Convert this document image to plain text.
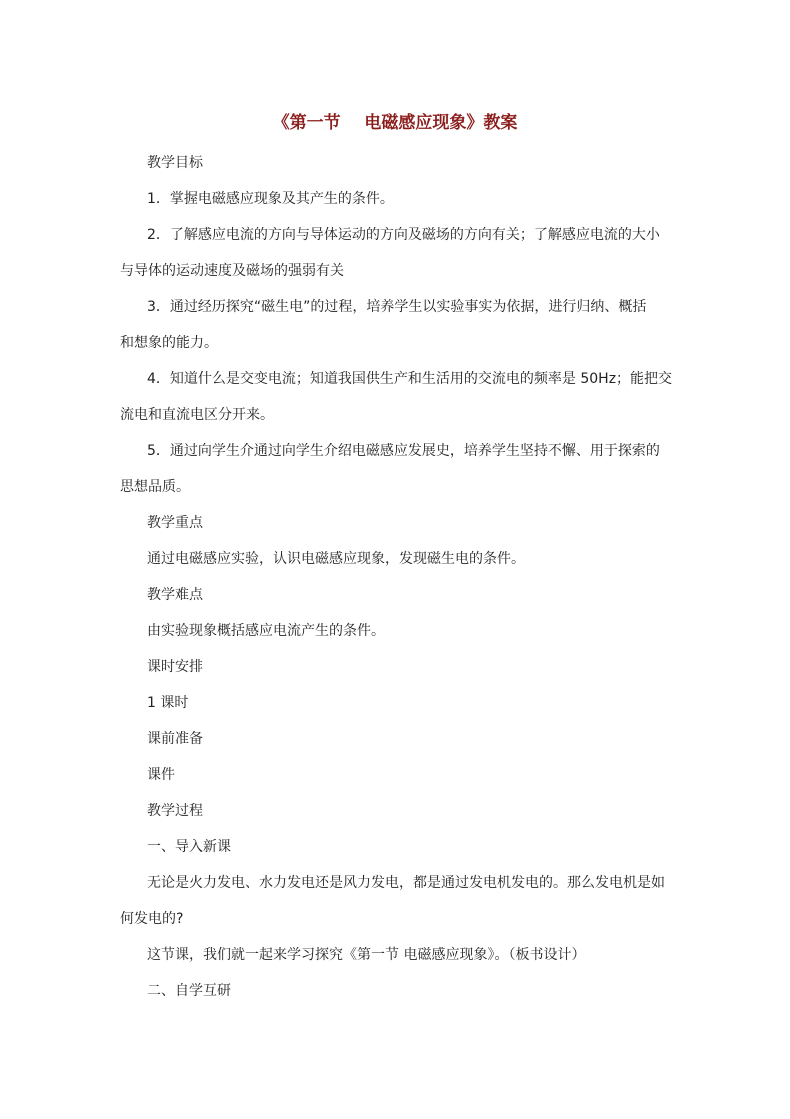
《第一节    电磁感应现象》教案
教学目标
1．掌握电磁感应现象及其产生的条件。
2．了解感应电流的方向与导体运动的方向及磁场的方向有关；了解感应电流的大小
与导体的运动速度及磁场的强弱有关
3．通过经历探究“磁生电”的过程，培养学生以实验事实为依据，进行归纳、概括
和想象的能力。
4．知道什么是交变电流；知道我国供生产和生活用的交流电的频率是 50Hz；能把交
流电和直流电区分开来。
5．通过向学生介通过向学生介绍电磁感应发展史，培养学生坚持不懈、用于探索的
思想品质。
教学重点
通过电磁感应实验，认识电磁感应现象，发现磁生电的条件。
教学难点
由实验现象概括感应电流产生的条件。
课时安排
1 课时
课前准备
课件
教学过程
一、导入新课
无论是火力发电、水力发电还是风力发电，都是通过发电机发电的。那么发电机是如
何发电的?
这节课，我们就一起来学习探究《第一节 电磁感应现象》。（板书设计）
二、自学互研
